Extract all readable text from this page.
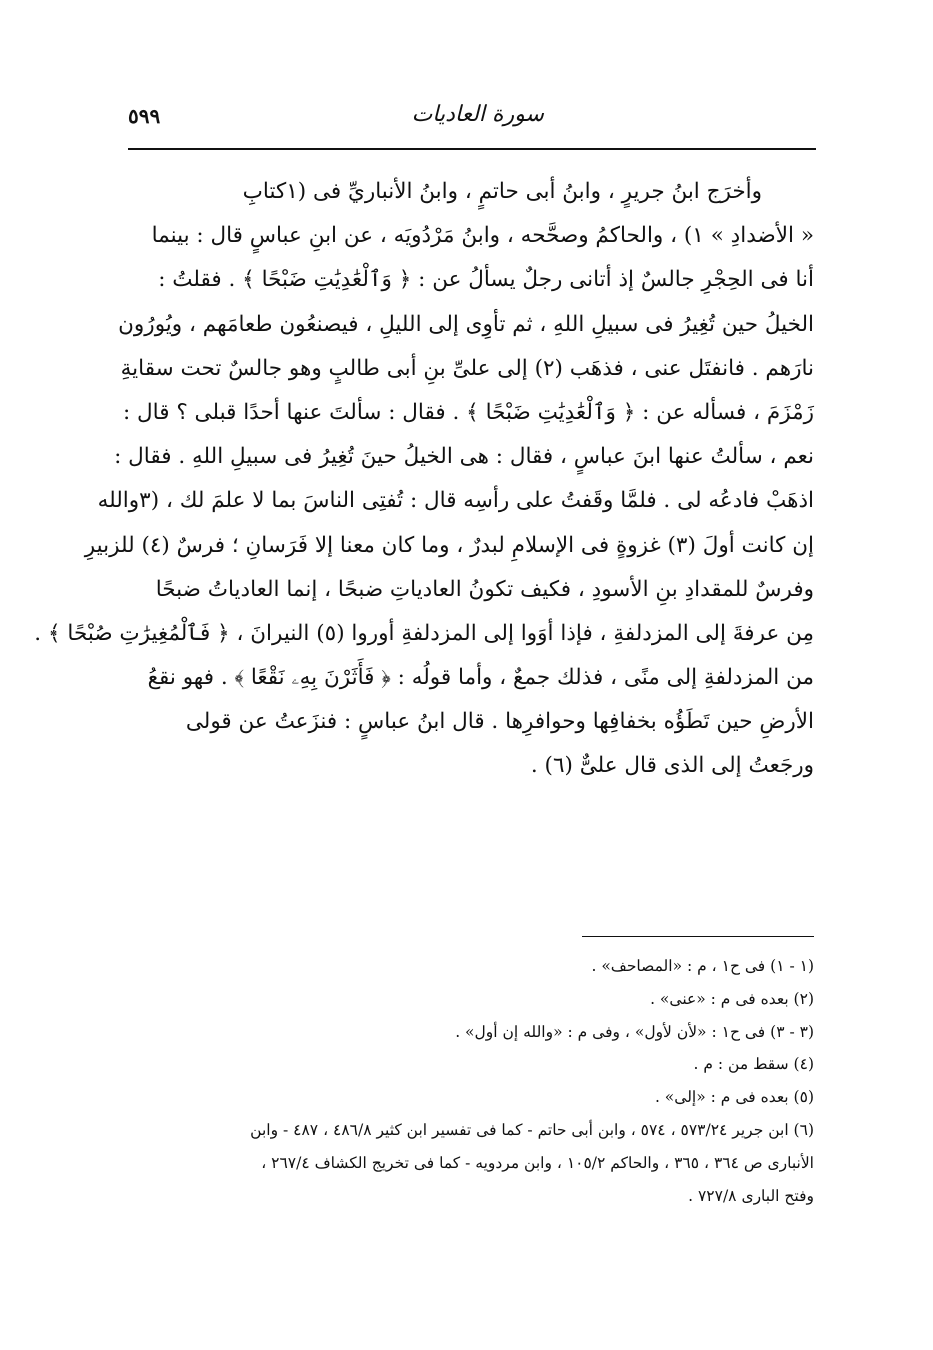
سورة العاديات
٥٩٩
وأخرَج ابنُ جريرٍ ، وابنُ أبى حاتمٍ ، وابنُ الأنباريِّ فى (١كتابِ
« الأضدادِ » ١) ، والحاكمُ وصحَّحه ، وابنُ مَرْدُويَه ، عن ابنِ عباسٍ قال : بينما
أنا فى الحِجْرِ جالسٌ إذ أتانى رجلٌ يسألُ عن : ﴿ وَٱلْعَٰدِيَٰتِ ضَبْحًا ﴾ . فقلتُ :
الخيلُ حين تُغِيرُ فى سبيلِ اللهِ ، ثم تأوِى إلى الليلِ ، فيصنعُون طعامَهم ، ويُورُون
نارَهم . فانفتَل عنى ، فذهَب (٢) إلى علىِّ بنِ أبى طالبٍ وهو جالسٌ تحت سقايةِ
زَمْزَمَ ، فسأله عن : ﴿ وَٱلْعَٰدِيَٰتِ ضَبْحًا ﴾ . فقال : سألتَ عنها أحدًا قبلى ؟ قال :
نعم ، سألتُ عنها ابنَ عباسٍ ، فقال : هى الخيلُ حينَ تُغِيرُ فى سبيلِ اللهِ . فقال :
اذهَبْ فادعُه لى . فلمَّا وقَفتُ على رأسِه قال : تُفتِى الناسَ بما لا علمَ لك ، (٣والله
إن كانت أولَ (٣) غزوةٍ فى الإسلامِ لبدرٌ ، وما كان معنا إلا فَرَسانِ ؛ فرسٌ (٤) للزبيرِ
وفرسٌ للمقدادِ بنِ الأسودِ ، فكيف تكونُ العادياتِ ضبحًا ، إنما العادياتُ ضبحًا
مِن عرفةَ إلى المزدلفةِ ، فإذا أوَوا إلى المزدلفةِ أوروا (٥) النيرانَ ، ﴿ فَٱلْمُغِيرَٰتِ صُبْحًا ﴾ .
من المزدلفةِ إلى منًى ، فذلك جمعٌ ، وأما قولُه : ﴿ فَأَثَرْنَ بِهِۦ نَقْعًا ﴾ . فهو نقعُ
الأرضِ حين تَطَؤُه بخفافِها وحوافرِها . قال ابنُ عباسٍ : فنزَعتُ عن قولى
ورجَعتُ إلى الذى قال علىٌّ (٦) .
(١ - ١) فى ح١ ، م : «المصاحف» .
(٢) بعده فى م : «عنى» .
(٣ - ٣) فى ح١ : «لأن لأول» ، وفى م : «والله إن أول» .
(٤) سقط من : م .
(٥) بعده فى م : «إلى» .
(٦) ابن جرير ٥٧٣/٢٤ ، ٥٧٤ ، وابن أبى حاتم - كما فى تفسير ابن كثير ٤٨٦/٨ ، ٤٨٧ - وابن
الأنبارى ص ٣٦٤ ، ٣٦٥ ، والحاكم ١٠٥/٢ ، وابن مردويه - كما فى تخريج الكشاف ٢٦٧/٤ ،
وفتح البارى ٧٢٧/٨ .
